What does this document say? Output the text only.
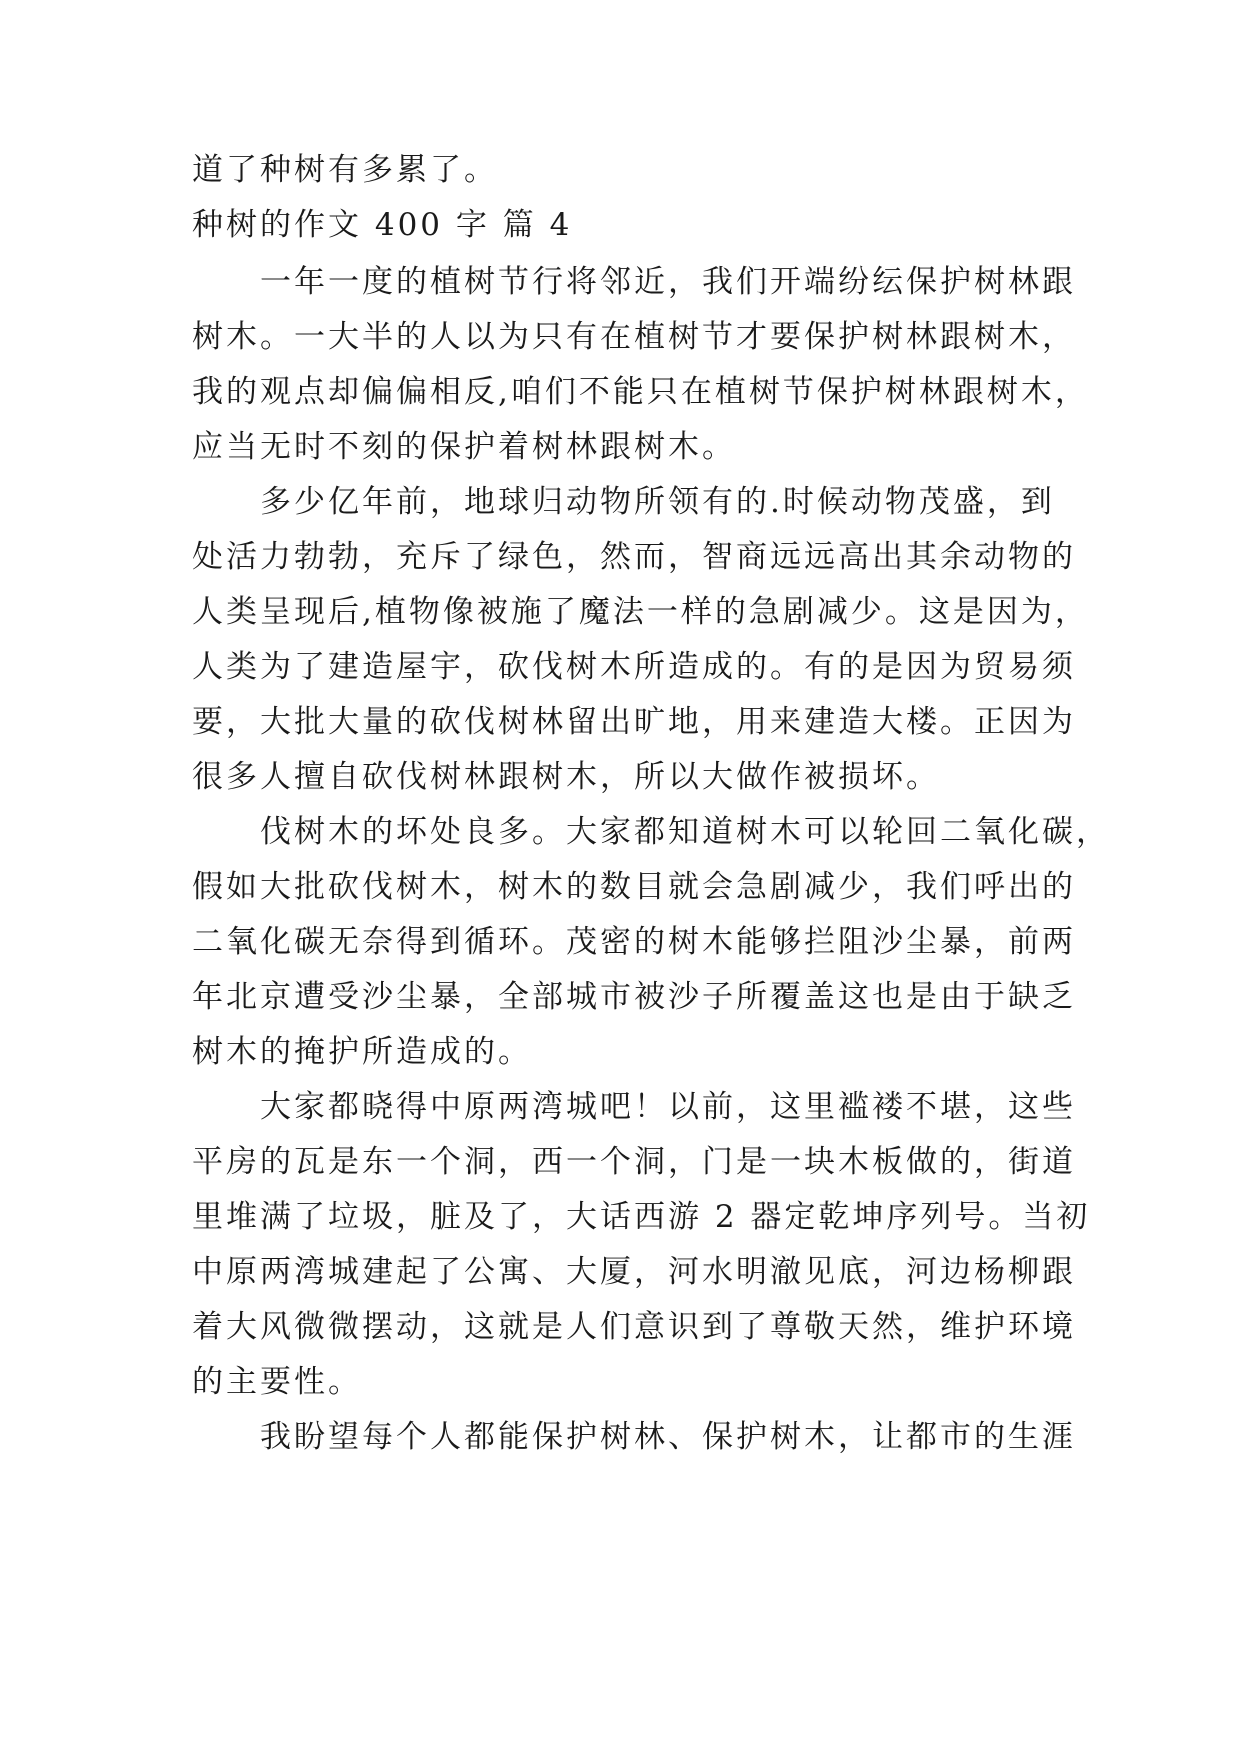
道了种树有多累了。
种树的作文 400 字 篇 4
一年一度的植树节行将邻近，我们开端纷纭保护树林跟
树木。一大半的人以为只有在植树节才要保护树林跟树木，
我的观点却偏偏相反,咱们不能只在植树节保护树林跟树木，
应当无时不刻的保护着树林跟树木。
多少亿年前，地球归动物所领有的.时候动物茂盛，到
处活力勃勃，充斥了绿色，然而，智商远远高出其余动物的
人类呈现后,植物像被施了魔法一样的急剧减少。这是因为，
人类为了建造屋宇，砍伐树木所造成的。有的是因为贸易须
要，大批大量的砍伐树林留出旷地，用来建造大楼。正因为
很多人擅自砍伐树林跟树木，所以大做作被损坏。
伐树木的坏处良多。大家都知道树木可以轮回二氧化碳，
假如大批砍伐树木，树木的数目就会急剧减少，我们呼出的
二氧化碳无奈得到循环。茂密的树木能够拦阻沙尘暴，前两
年北京遭受沙尘暴，全部城市被沙子所覆盖这也是由于缺乏
树木的掩护所造成的。
大家都晓得中原两湾城吧！以前，这里褴褛不堪，这些
平房的瓦是东一个洞，西一个洞，门是一块木板做的，街道
里堆满了垃圾，脏及了，大话西游 2 器定乾坤序列号。当初
中原两湾城建起了公寓、大厦，河水明澈见底，河边杨柳跟
着大风微微摆动，这就是人们意识到了尊敬天然，维护环境
的主要性。
我盼望每个人都能保护树林、保护树木，让都市的生涯
